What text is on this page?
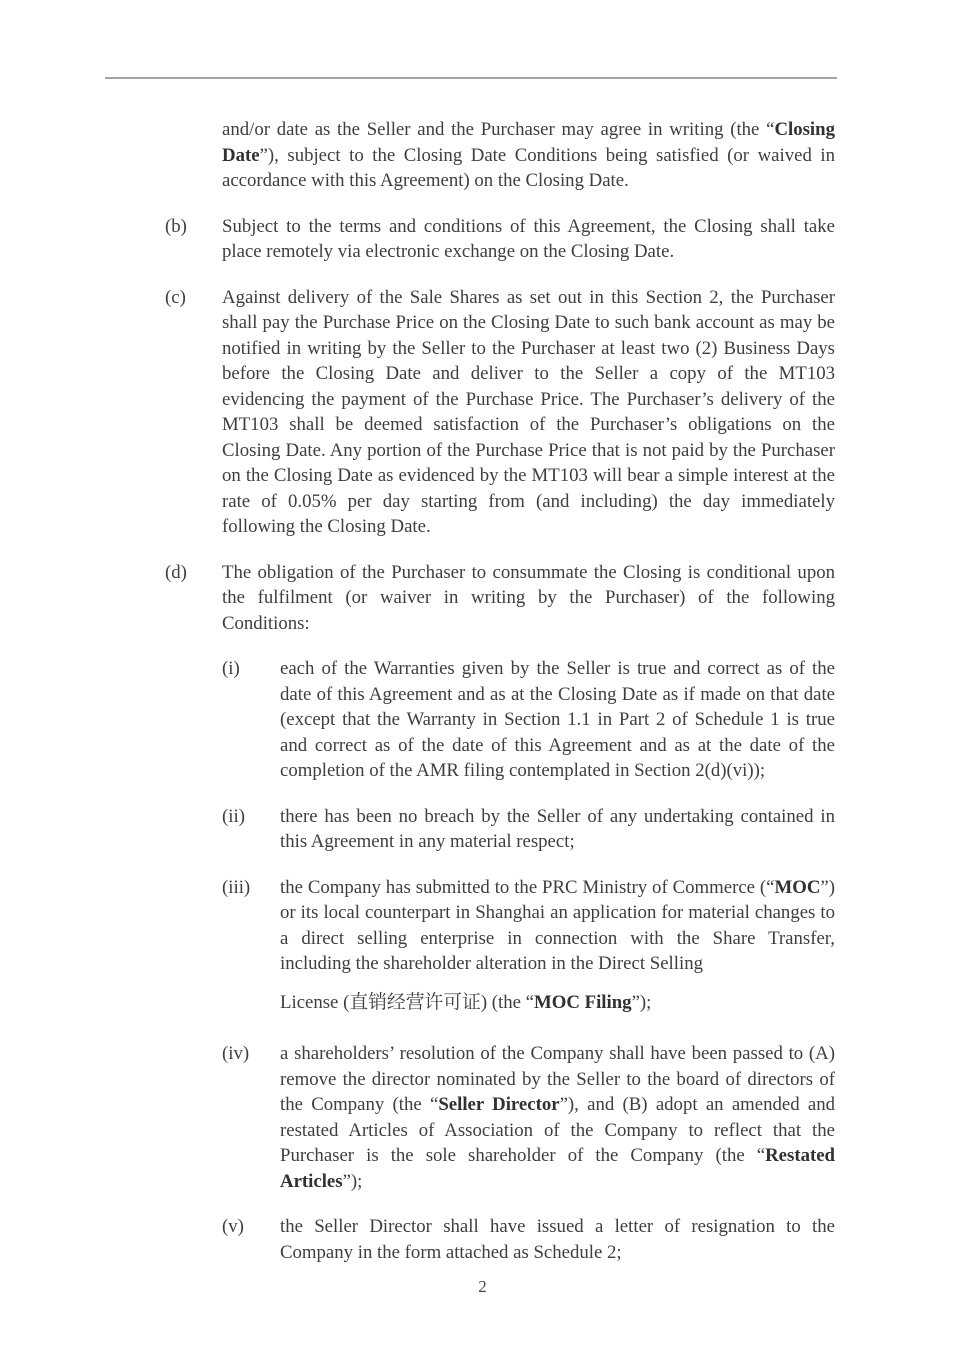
and/or date as the Seller and the Purchaser may agree in writing (the “Closing Date”), subject to the Closing Date Conditions being satisfied (or waived in accordance with this Agreement) on the Closing Date.
(b)	Subject to the terms and conditions of this Agreement, the Closing shall take place remotely via electronic exchange on the Closing Date.
(c)	Against delivery of the Sale Shares as set out in this Section 2, the Purchaser shall pay the Purchase Price on the Closing Date to such bank account as may be notified in writing by the Seller to the Purchaser at least two (2) Business Days before the Closing Date and deliver to the Seller a copy of the MT103 evidencing the payment of the Purchase Price. The Purchaser’s delivery of the MT103 shall be deemed satisfaction of the Purchaser’s obligations on the Closing Date. Any portion of the Purchase Price that is not paid by the Purchaser on the Closing Date as evidenced by the MT103 will bear a simple interest at the rate of 0.05% per day starting from (and including) the day immediately following the Closing Date.
(d)	The obligation of the Purchaser to consummate the Closing is conditional upon the fulfilment (or waiver in writing by the Purchaser) of the following Conditions:
(i)	each of the Warranties given by the Seller is true and correct as of the date of this Agreement and as at the Closing Date as if made on that date (except that the Warranty in Section 1.1 in Part 2 of Schedule 1 is true and correct as of the date of this Agreement and as at the date of the completion of the AMR filing contemplated in Section 2(d)(vi));
(ii)	there has been no breach by the Seller of any undertaking contained in this Agreement in any material respect;
(iii)	the Company has submitted to the PRC Ministry of Commerce (“MOC”) or its local counterpart in Shanghai an application for material changes to a direct selling enterprise in connection with the Share Transfer, including the shareholder alteration in the Direct Selling
License (直销经营许可证) (the “MOC Filing”);
(iv)	a shareholders’ resolution of the Company shall have been passed to (A) remove the director nominated by the Seller to the board of directors of the Company (the “Seller Director”), and (B) adopt an amended and restated Articles of Association of the Company to reflect that the Purchaser is the sole shareholder of the Company (the “Restated Articles”);
(v)	the Seller Director shall have issued a letter of resignation to the Company in the form attached as Schedule 2;
2
